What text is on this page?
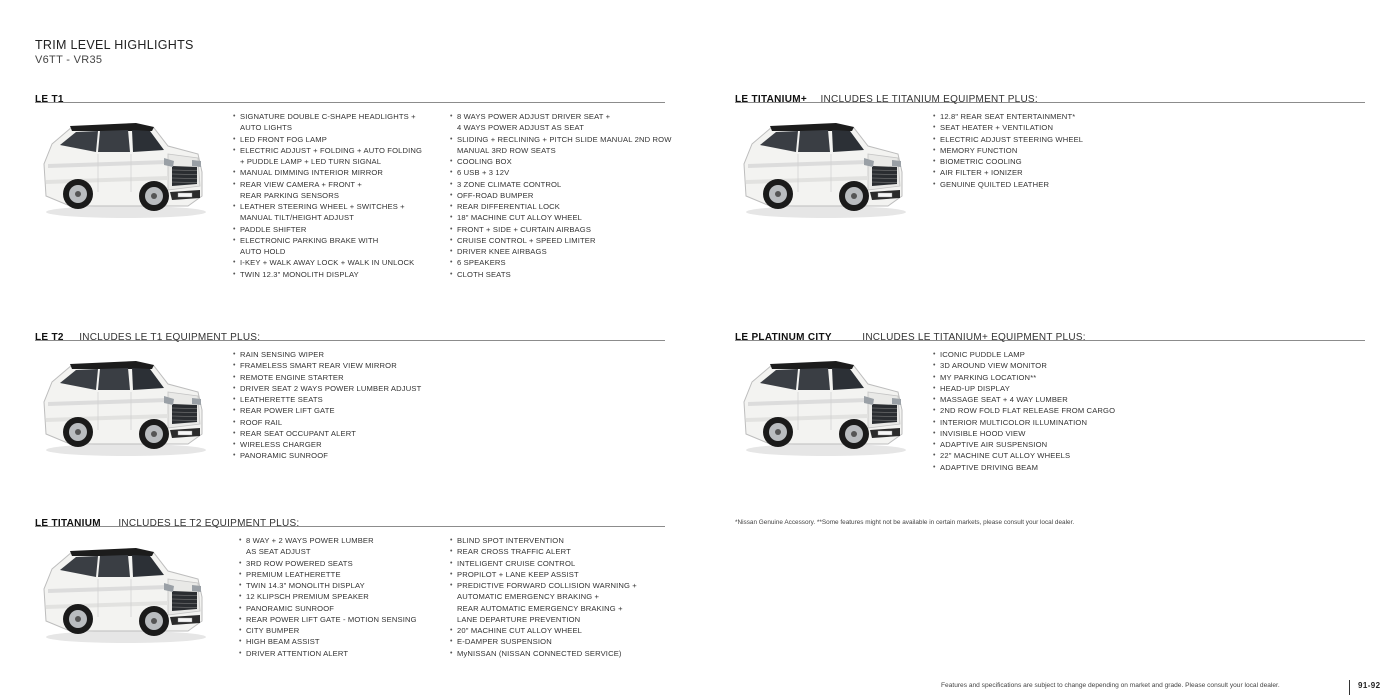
TRIM LEVEL HIGHLIGHTS
V6TT - VR35
LE T1
• SIGNATURE DOUBLE C-SHAPE HEADLIGHTS +
AUTO LIGHTS
• LED FRONT FOG LAMP
• ELECTRIC ADJUST + FOLDING + AUTO FOLDING
+ PUDDLE LAMP + LED TURN SIGNAL
• MANUAL DIMMING INTERIOR MIRROR
• REAR VIEW CAMERA + FRONT +
REAR PARKING SENSORS
• LEATHER STEERING WHEEL + SWITCHES +
MANUAL TILT/HEIGHT ADJUST
• PADDLE SHIFTER
• ELECTRONIC PARKING BRAKE WITH
AUTO HOLD
• I-KEY + WALK AWAY LOCK + WALK IN UNLOCK
• TWIN 12.3" MONOLITH DISPLAY
• 8 WAYS POWER ADJUST DRIVER SEAT +
4 WAYS POWER ADJUST AS SEAT
• SLIDING + RECLINING + PITCH SLIDE MANUAL 2ND ROW
MANUAL 3RD ROW SEATS
• COOLING BOX
• 6 USB + 3 12V
• 3 ZONE CLIMATE CONTROL
• OFF-ROAD BUMPER
• REAR DIFFERENTIAL LOCK
• 18" MACHINE CUT ALLOY WHEEL
• FRONT + SIDE + CURTAIN AIRBAGS
• CRUISE CONTROL + SPEED LIMITER
• DRIVER KNEE AIRBAGS
• 6 SPEAKERS
• CLOTH SEATS
LE T2 INCLUDES LE T1 EQUIPMENT PLUS:
• RAIN SENSING WIPER
• FRAMELESS SMART REAR VIEW MIRROR
• REMOTE ENGINE STARTER
• DRIVER SEAT 2 WAYS POWER LUMBER ADJUST
• LEATHERETTE SEATS
• REAR POWER LIFT GATE
• ROOF RAIL
• REAR SEAT OCCUPANT ALERT
• WIRELESS CHARGER
• PANORAMIC SUNROOF
LE TITANIUM INCLUDES LE T2 EQUIPMENT PLUS:
• 8 WAY + 2 WAYS POWER LUMBER
AS SEAT ADJUST
• 3RD ROW POWERED SEATS
• PREMIUM LEATHERETTE
• TWIN 14.3" MONOLITH DISPLAY
• 12 KLIPSCH PREMIUM SPEAKER
• PANORAMIC SUNROOF
• REAR POWER LIFT GATE - MOTION SENSING
• CITY BUMPER
• HIGH BEAM ASSIST
• DRIVER ATTENTION ALERT
• BLIND SPOT INTERVENTION
• REAR CROSS TRAFFIC ALERT
• INTELIGENT CRUISE CONTROL
• PROPILOT + LANE KEEP ASSIST
• PREDICTIVE FORWARD COLLISION WARNING +
AUTOMATIC EMERGENCY BRAKING +
REAR AUTOMATIC EMERGENCY BRAKING +
LANE DEPARTURE PREVENTION
• 20" MACHINE CUT ALLOY WHEEL
• E-DAMPER SUSPENSION
• MyNISSAN (NISSAN CONNECTED SERVICE)
LE TITANIUM+ INCLUDES LE TITANIUM EQUIPMENT PLUS:
• 12.8" REAR SEAT ENTERTAINMENT*
• SEAT HEATER + VENTILATION
• ELECTRIC ADJUST STEERING WHEEL
• MEMORY FUNCTION
• BIOMETRIC COOLING
• AIR FILTER + IONIZER
• GENUINE QUILTED LEATHER
LE PLATINUM CITY	INCLUDES LE TITANIUM+ EQUIPMENT PLUS:
• ICONIC PUDDLE LAMP
• 3D AROUND VIEW MONITOR
• MY PARKING LOCATION**
• HEAD-UP DISPLAY
• MASSAGE SEAT + 4 WAY LUMBER
• 2ND ROW FOLD FLAT RELEASE FROM CARGO
• INTERIOR MULTICOLOR ILLUMINATION
• INVISIBLE HOOD VIEW
• ADAPTIVE AIR SUSPENSION
• 22" MACHINE CUT ALLOY WHEELS
• ADAPTIVE DRIVING BEAM
*Nissan Genuine Accessory. **Some features might not be available in certain markets, please consult your local dealer.
Features and specifications are subject to change depending on market and grade. Please consult your local dealer.	91-92
